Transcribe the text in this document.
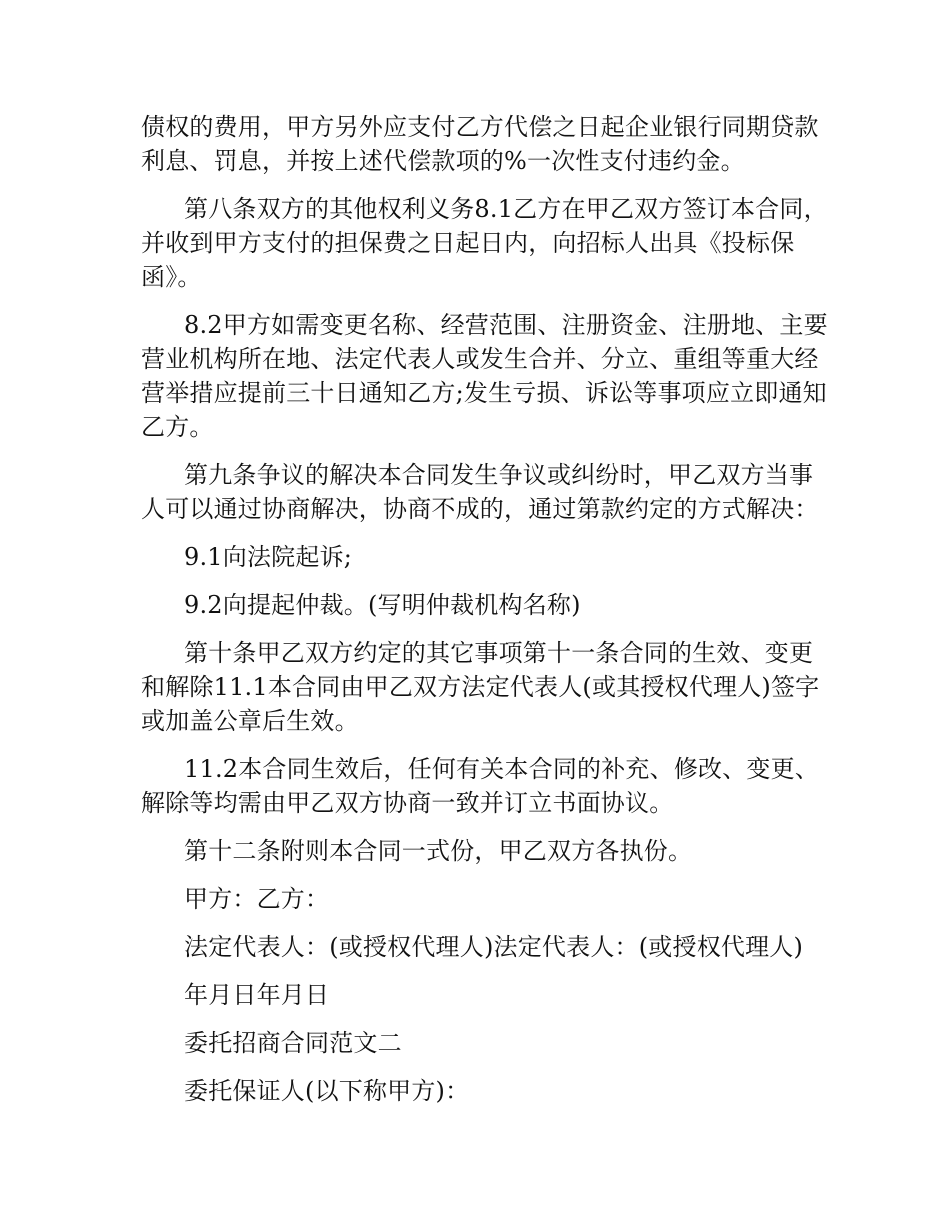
债权的费用，甲方另外应支付乙方代偿之日起企业银行同期贷款利息、罚息，并按上述代偿款项的%一次性支付违约金。

第八条双方的其他权利义务8.1乙方在甲乙双方签订本合同，并收到甲方支付的担保费之日起日内，向招标人出具《投标保函》。

8.2甲方如需变更名称、经营范围、注册资金、注册地、主要营业机构所在地、法定代表人或发生合并、分立、重组等重大经营举措应提前三十日通知乙方;发生亏损、诉讼等事项应立即通知乙方。

第九条争议的解决本合同发生争议或纠纷时，甲乙双方当事人可以通过协商解决，协商不成的，通过第款约定的方式解决：

9.1向法院起诉;

9.2向提起仲裁。(写明仲裁机构名称)

第十条甲乙双方约定的其它事项第十一条合同的生效、变更和解除11.1本合同由甲乙双方法定代表人(或其授权代理人)签字或加盖公章后生效。

11.2本合同生效后，任何有关本合同的补充、修改、变更、解除等均需由甲乙双方协商一致并订立书面协议。

第十二条附则本合同一式份，甲乙双方各执份。

甲方：乙方：

法定代表人：(或授权代理人)法定代表人：(或授权代理人)

年月日年月日

委托招商合同范文二

委托保证人(以下称甲方)：
